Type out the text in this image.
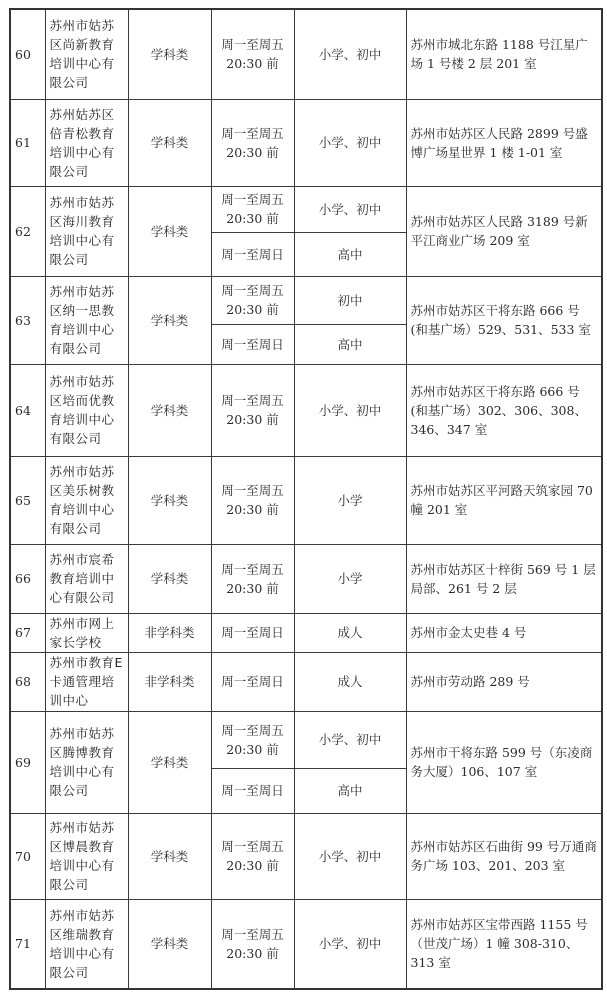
60	苏州市姑苏区尚新教育培训中心有限公司	学科类	周一至周五 20:30 前	小学、初中	苏州市城北东路 1188 号江星广场 1 号楼 2 层 201 室
61	苏州姑苏区倍青松教育培训中心有限公司	学科类	周一至周五 20:30 前	小学、初中	苏州市姑苏区人民路 2899 号盛博广场星世界 1 楼 1-01 室
62	苏州市姑苏区海川教育培训中心有限公司	学科类	周一至周五 20:30 前	小学、初中	苏州市姑苏区人民路 3189 号新平江商业广场 209 室
			周一至周日	高中	
63	苏州市姑苏区纳一思教育培训中心有限公司	学科类	周一至周五 20:30 前	初中	苏州市姑苏区干将东路 666 号(和基广场）529、531、533 室
			周一至周日	高中	
64	苏州市姑苏区培而优教育培训中心有限公司	学科类	周一至周五 20:30 前	小学、初中	苏州市姑苏区干将东路 666 号(和基广场）302、306、308、346、347 室
65	苏州市姑苏区美乐树教育培训中心有限公司	学科类	周一至周五 20:30 前	小学	苏州市姑苏区平河路天筑家园 70 幢 201 室
66	苏州市宸希教育培训中心有限公司	学科类	周一至周五 20:30 前	小学	苏州市姑苏区十梓街 569 号 1 层局部、261 号 2 层
67	苏州市网上家长学校	非学科类	周一至周日	成人	苏州市金太史巷 4 号
68	苏州市教育E 卡通管理培训中心	非学科类	周一至周日	成人	苏州市劳动路 289 号
69	苏州市姑苏区腾博教育培训中心有限公司	学科类	周一至周五 20:30 前	小学、初中	苏州市干将东路 599 号（东凌商务大厦）106、107 室
			周一至周日	高中	
70	苏州市姑苏区博晨教育培训中心有限公司	学科类	周一至周五 20:30 前	小学、初中	苏州市姑苏区石曲街 99 号万通商务广场 103、201、203 室
71	苏州市姑苏区维瑞教育培训中心有限公司	学科类	周一至周五 20:30 前	小学、初中	苏州市姑苏区宝带西路 1155 号（世茂广场）1 幢 308-310、313 室
